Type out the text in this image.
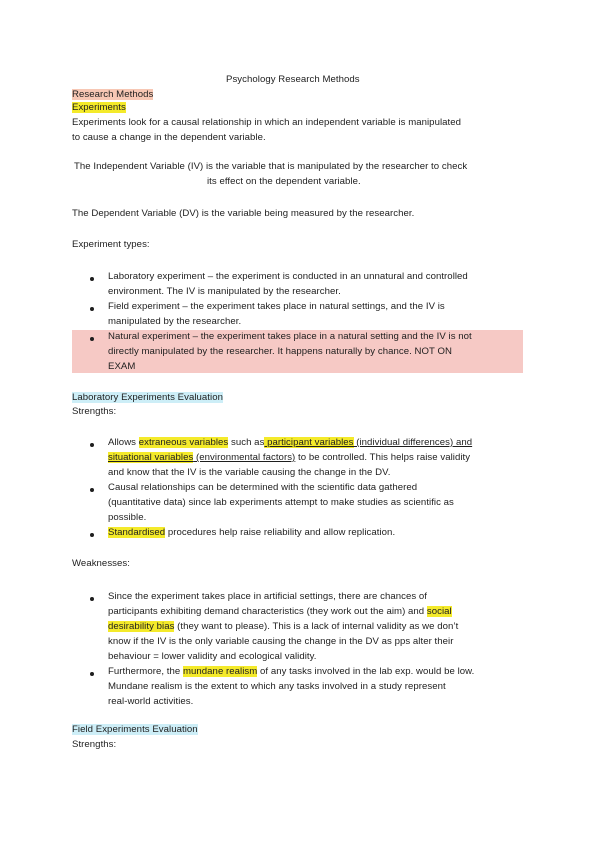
Psychology Research Methods
Research Methods
Experiments
Experiments look for a causal relationship in which an independent variable is manipulated
to cause a change in the dependent variable.
The Independent Variable (IV) is the variable that is manipulated by the researcher to check
its effect on the dependent variable.
The Dependent Variable (DV) is the variable being measured by the researcher.
Experiment types:
Laboratory experiment – the experiment is conducted in an unnatural and controlled
environment. The IV is manipulated by the researcher.
Field experiment – the experiment takes place in natural settings, and the IV is
manipulated by the researcher.
Natural experiment – the experiment takes place in a natural setting and the IV is not
directly manipulated by the researcher. It happens naturally by chance. NOT ON
EXAM
Laboratory Experiments Evaluation
Strengths:
Allows extraneous variables such as participant variables (individual differences) and
situational variables (environmental factors) to be controlled. This helps raise validity
and know that the IV is the variable causing the change in the DV.
Causal relationships can be determined with the scientific data gathered
(quantitative data) since lab experiments attempt to make studies as scientific as
possible.
Standardised procedures help raise reliability and allow replication.
Weaknesses:
Since the experiment takes place in artificial settings, there are chances of
participants exhibiting demand characteristics (they work out the aim) and social
desirability bias (they want to please). This is a lack of internal validity as we don’t
know if the IV is the only variable causing the change in the DV as pps alter their
behaviour = lower validity and ecological validity.
Furthermore, the mundane realism of any tasks involved in the lab exp. would be low.
Mundane realism is the extent to which any tasks involved in a study represent
real-world activities.
Field Experiments Evaluation
Strengths:
